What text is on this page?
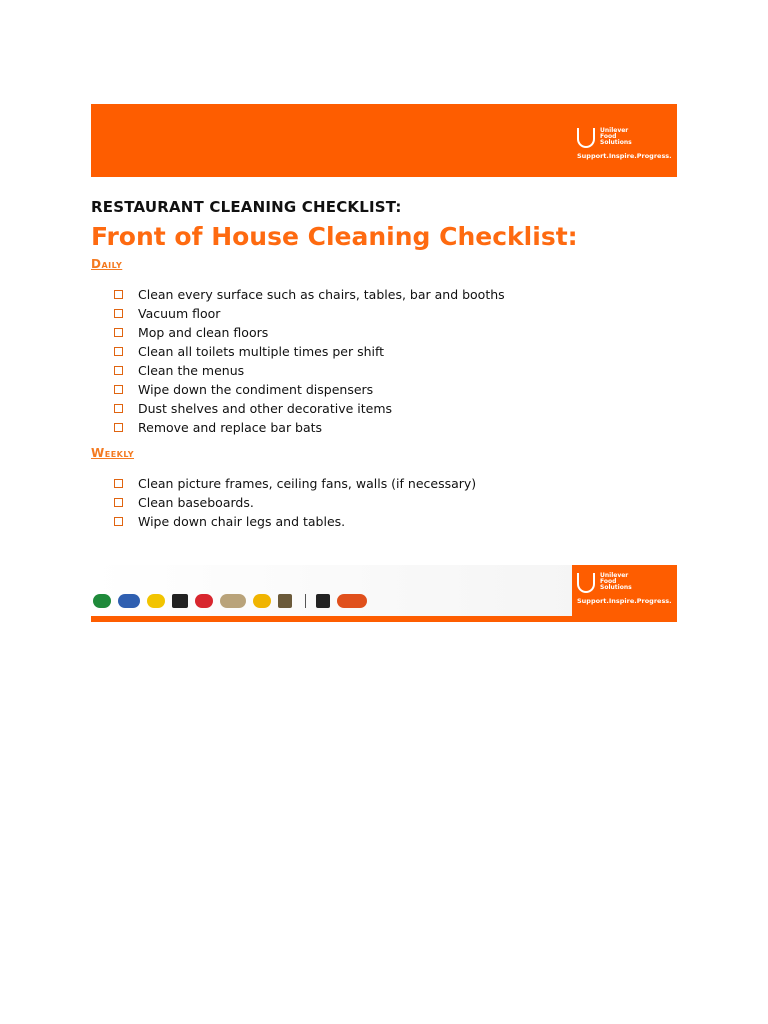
Unilever
Food
Solutions
Support.Inspire.Progress.
RESTAURANT CLEANING CHECKLIST:
Front of House Cleaning Checklist:
Daily
Clean every surface such as chairs, tables, bar and booths
Vacuum floor
Mop and clean floors
Clean all toilets multiple times per shift
Clean the menus
Wipe down the condiment dispensers
Dust shelves and other decorative items
Remove and replace bar bats
Weekly
Clean picture frames, ceiling fans, walls (if necessary)
Clean baseboards.
Wipe down chair legs and tables.
Unilever
Food
Solutions
Support.Inspire.Progress.
